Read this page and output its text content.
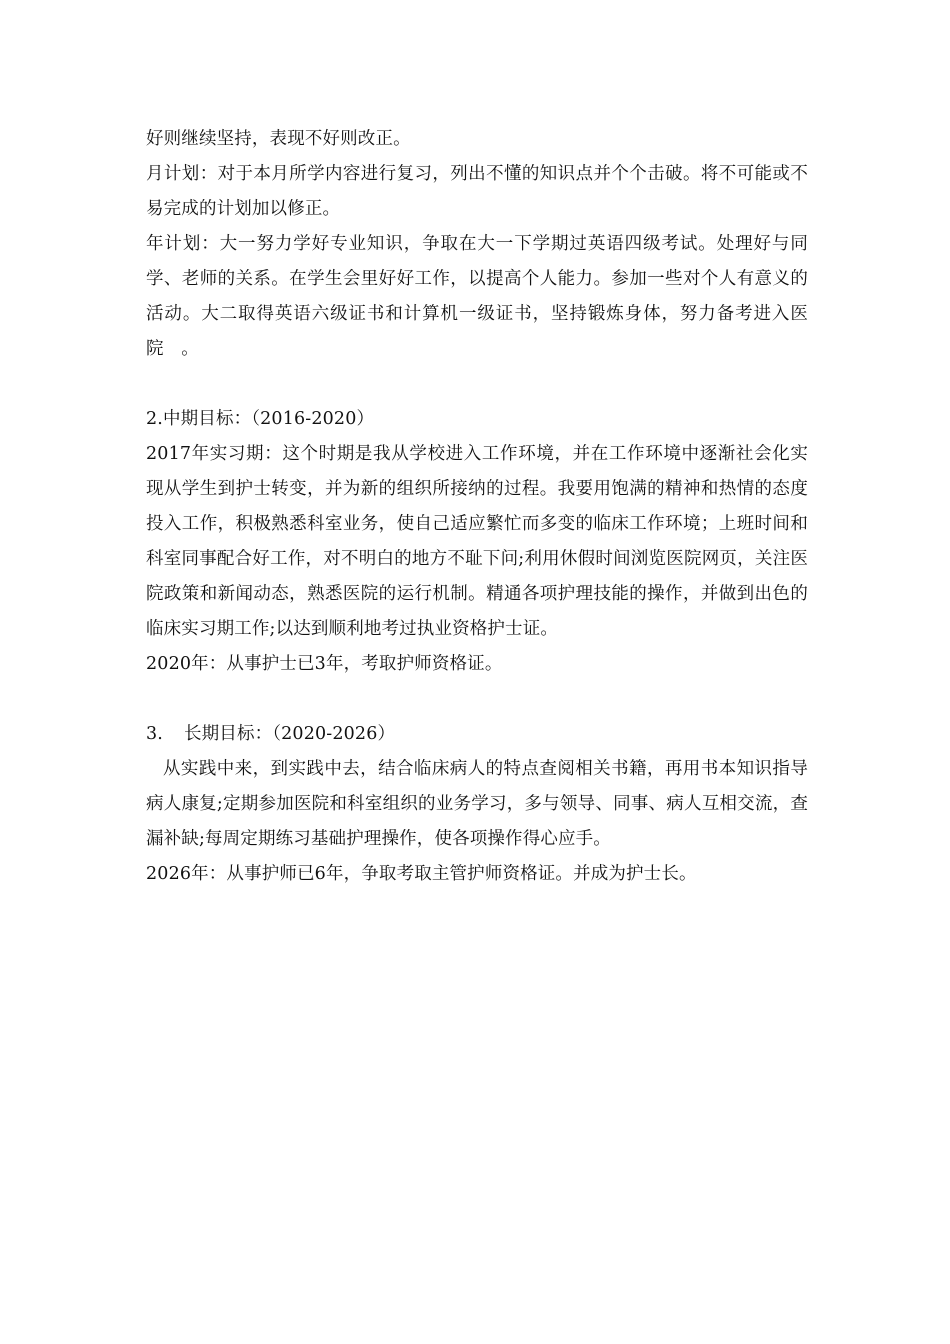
好则继续坚持，表现不好则改正。

月计划：对于本月所学内容进行复习，列出不懂的知识点并个个击破。将不可能或不易完成的计划加以修正。

年计划：大一努力学好专业知识，争取在大一下学期过英语四级考试。处理好与同学、老师的关系。在学生会里好好工作，以提高个人能力。参加一些对个人有意义的活动。大二取得英语六级证书和计算机一级证书，坚持锻炼身体，努力备考进入医院　。

2.中期目标：（2016-2020）

2017年实习期：这个时期是我从学校进入工作环境，并在工作环境中逐渐社会化实现从学生到护士转变，并为新的组织所接纳的过程。我要用饱满的精神和热情的态度投入工作，积极熟悉科室业务，使自己适应繁忙而多变的临床工作环境；上班时间和科室同事配合好工作，对不明白的地方不耻下问;利用休假时间浏览医院网页，关注医院政策和新闻动态，熟悉医院的运行机制。精通各项护理技能的操作，并做到出色的临床实习期工作;以达到顺利地考过执业资格护士证。

2020年：从事护士已3年，考取护师资格证。

3. 长期目标：（2020-2026）

从实践中来，到实践中去，结合临床病人的特点查阅相关书籍，再用书本知识指导病人康复;定期参加医院和科室组织的业务学习，多与领导、同事、病人互相交流，查漏补缺;每周定期练习基础护理操作，使各项操作得心应手。

2026年：从事护师已6年，争取考取主管护师资格证。并成为护士长。
